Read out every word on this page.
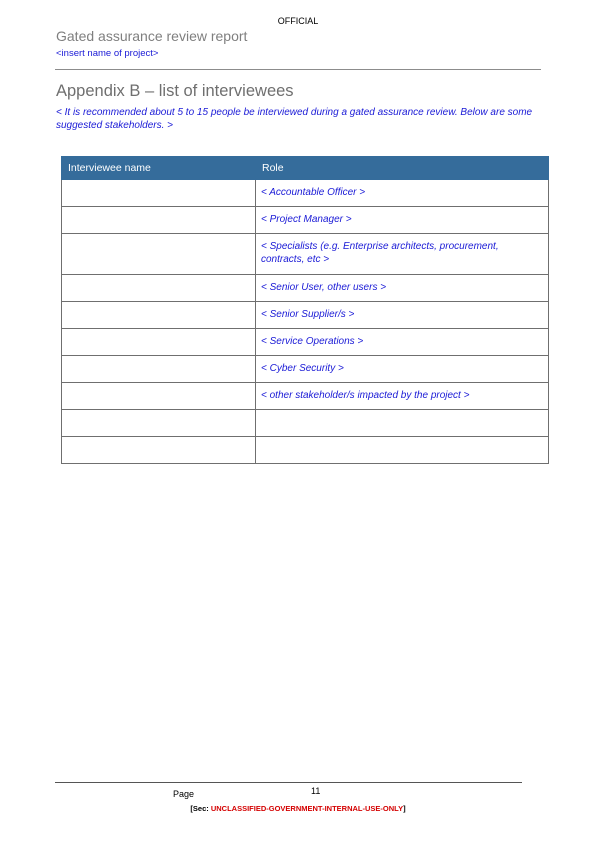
OFFICIAL
Gated assurance review report
<insert name of project>
Appendix B – list of interviewees
< It is recommended about 5 to 15 people be interviewed during a gated assurance review. Below are some suggested stakeholders. >
Interviewee name	Role
	< Accountable Officer >
	< Project Manager >
	< Specialists (e.g. Enterprise architects, procurement, contracts, etc >
	< Senior User, other users >
	< Senior Supplier/s >
	< Service Operations >
	< Cyber Security >
	< other stakeholder/s impacted by the project >

Page	11
[Sec: UNCLASSIFIED-GOVERNMENT-INTERNAL-USE-ONLY]
